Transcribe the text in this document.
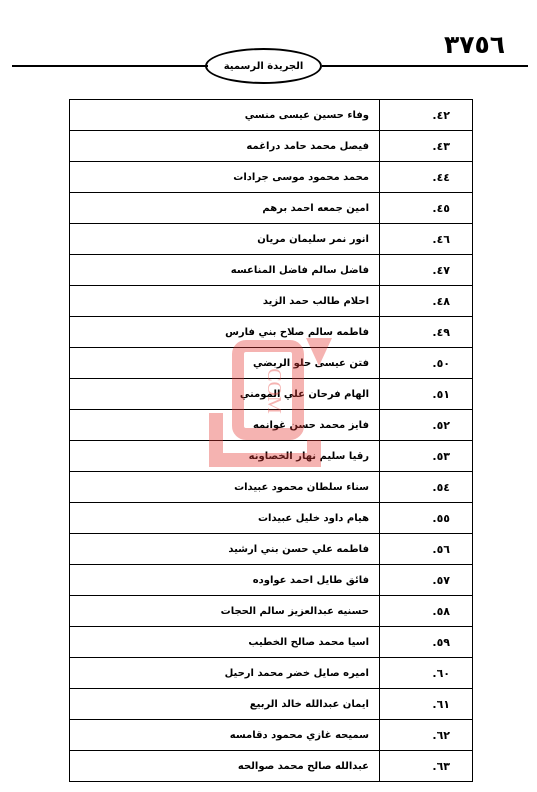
٣٧٥٦
الجريدة الرسمية
وفاء حسين عيسى منسي	٤٢.
فيصل محمد حامد دراغمه	٤٣.
محمد محمود موسى جرادات	٤٤.
امين جمعه احمد برهم	٤٥.
انور نمر سليمان مريان	٤٦.
فاضل سالم فاضل المناعسه	٤٧.
احلام طالب حمد الزيد	٤٨.
فاطمه سالم صلاح بني فارس	٤٩.
فتن عيسى حلو الربضي	٥٠.
الهام فرحان علي المومني	٥١.
فايز محمد حسن غوانمه	٥٢.
رقيا سليم نهار الخصاونه	٥٣.
سناء سلطان محمود عبيدات	٥٤.
هيام داود خليل عبيدات	٥٥.
فاطمه علي حسن بني ارشيد	٥٦.
فائق طايل احمد عواوده	٥٧.
حسنيه عبدالعزيز سالم الحجات	٥٨.
اسيا محمد صالح الخطيب	٥٩.
اميره صايل خضر محمد ارحيل	٦٠.
ايمان عبدالله خالد الربيع	٦١.
سميحه غازي محمود دقامسه	٦٢.
عبدالله صالح محمد صوالحه	٦٣.
COM
